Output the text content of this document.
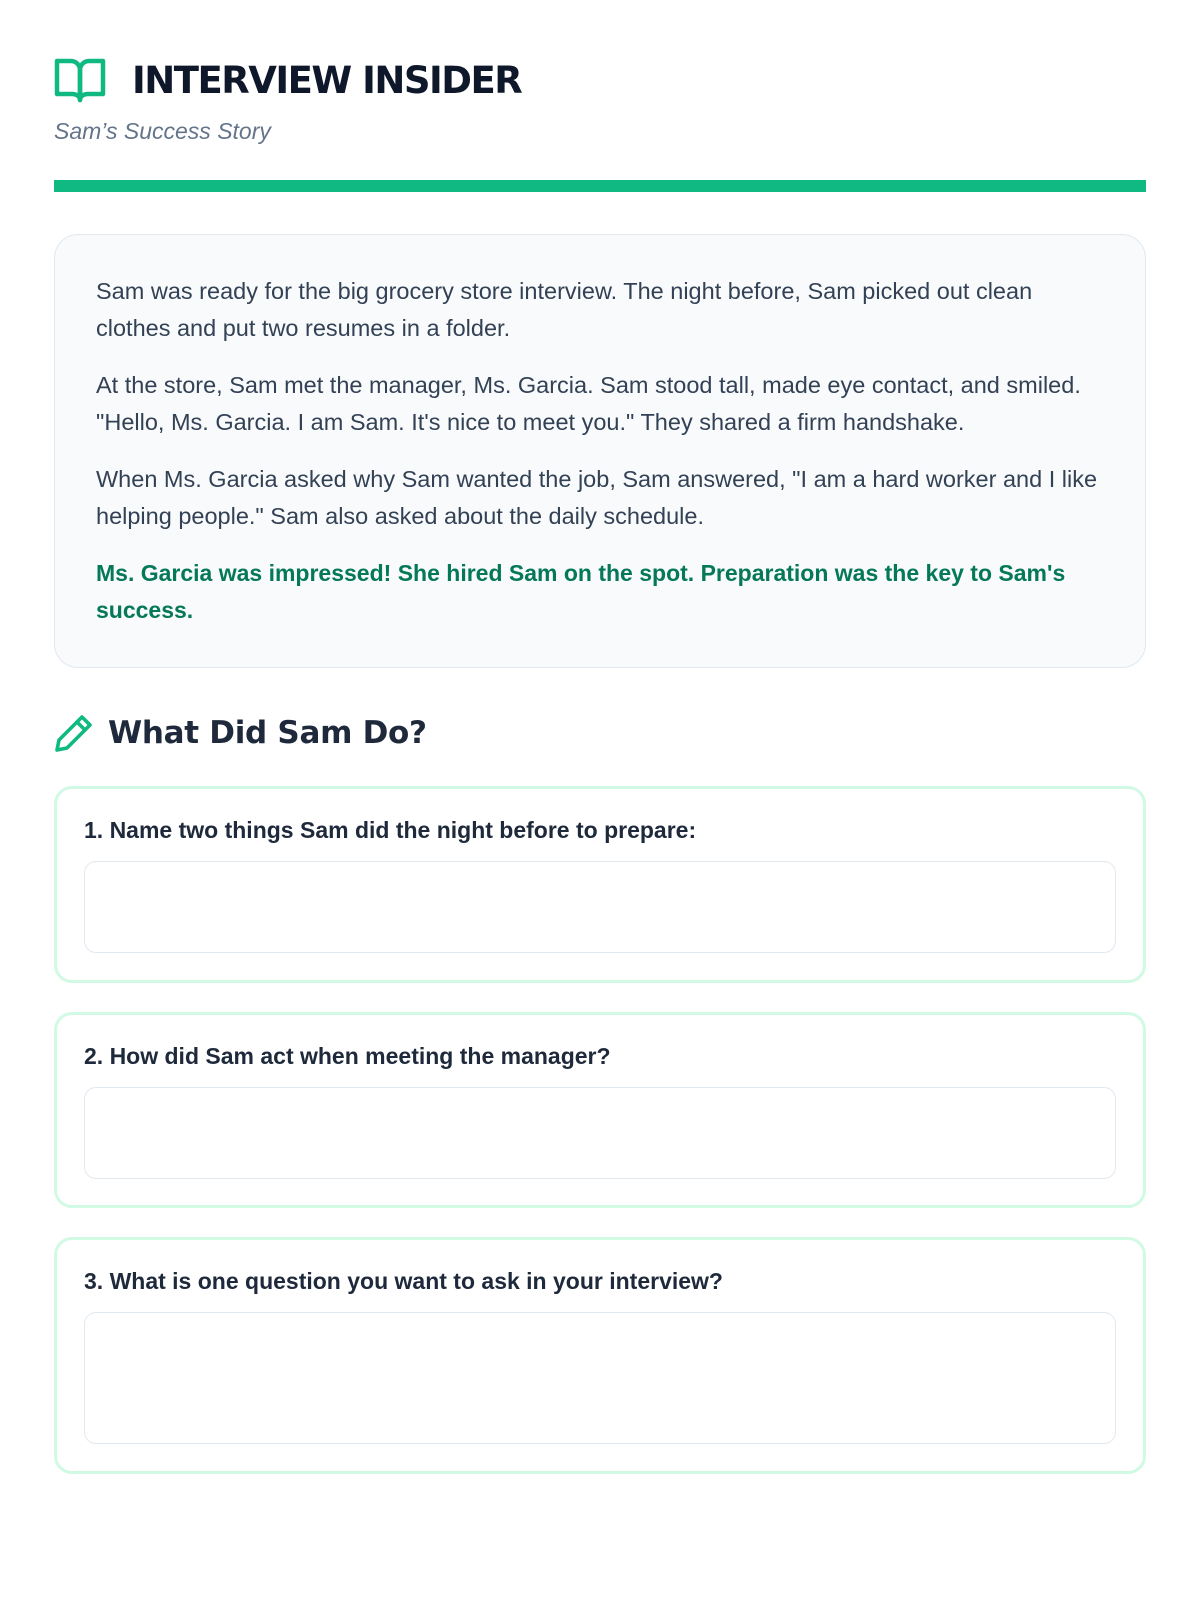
INTERVIEW INSIDER
Sam’s Success Story

Sam was ready for the big grocery store interview. The night before, Sam picked out clean clothes and put two resumes in a folder.

At the store, Sam met the manager, Ms. Garcia. Sam stood tall, made eye contact, and smiled. "Hello, Ms. Garcia. I am Sam. It's nice to meet you." They shared a firm handshake.

When Ms. Garcia asked why Sam wanted the job, Sam answered, "I am a hard worker and I like helping people." Sam also asked about the daily schedule.

Ms. Garcia was impressed! She hired Sam on the spot. Preparation was the key to Sam's success.

What Did Sam Do?
1. Name two things Sam did the night before to prepare:
2. How did Sam act when meeting the manager?
3. What is one question you want to ask in your interview?
